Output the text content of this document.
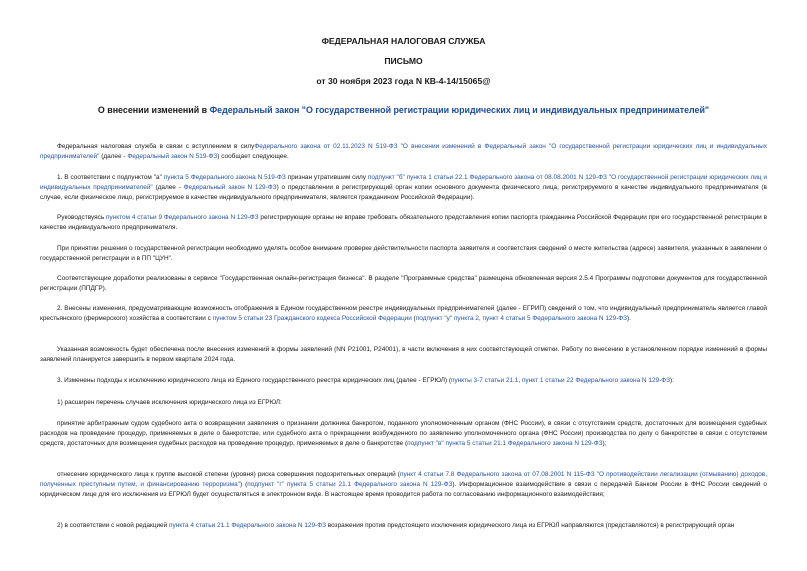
ФЕДЕРАЛЬНАЯ НАЛОГОВАЯ СЛУЖБА
ПИСЬМО
от 30 ноября 2023 года N КВ-4-14/15065@
О внесении изменений в Федеральный закон "О государственной регистрации юридических лиц и индивидуальных предпринимателей"

Федеральная налоговая служба в связи с вступлением в силуФедерального закона от 02.11.2023 N 519-ФЗ "О внесении изменений в Федеральный закон "О государственной регистрации юридических лиц и индивидуальных предпринимателей" (далее - Федеральный закон N 519-ФЗ) сообщает следующее.

1. В соответствии с подпунктом "а" пункта 5 Федерального закона N 519-ФЗ признан утратившим силу подпункт "б" пункта 1 статьи 22.1 Федерального закона от 08.08.2001 N 129-ФЗ "О государственной регистрации юридических лиц и индивидуальных предпринимателей" (далее - Федеральный закон N 129-ФЗ) о представлении в регистрирующий орган копии основного документа физического лица, регистрируемого в качестве индивидуального предпринимателя (в случае, если физическое лицо, регистрируемое в качестве индивидуального предпринимателя, является гражданином Российской Федерации).

Руководствуясь пунктом 4 статьи 9 Федерального закона N 129-ФЗ регистрирующие органы не вправе требовать обязательного представления копии паспорта гражданина Российской Федерации при его государственной регистрации в качестве индивидуального предпринимателя.

При принятии решения о государственной регистрации необходимо уделять особое внимание проверке действительности паспорта заявителя и соответствия сведений о месте жительства (адресе) заявителя, указанных в заявлении о государственной регистрации и в ПП "ЦУН".

Соответствующие доработки реализованы в сервисе "Государственная онлайн-регистрация бизнеса". В разделе "Программные средства" размещена обновленная версия 2.5.4 Программы подготовки документов для государственной регистрации (ППДГР).

2. Внесены изменения, предусматривающие возможность отображения в Едином государственном реестре индивидуальных предпринимателей (далее - ЕГРИП) сведений о том, что индивидуальный предприниматель является главой крестьянского (фермерского) хозяйства в соответствии с пунктом 5 статьи 23 Гражданского кодекса Российской Федерации (подпункт "у" пункта 2, пункт 4 статьи 5 Федерального закона N 129-ФЗ).

Указанная возможность будет обеспечена после внесения изменений в формы заявлений (NN Р21001, Р24001), в части включения в них соответствующей отметки. Работу по внесению в установленном порядке изменений в формы заявлений планируется завершить в первом квартале 2024 года.

3. Изменены подходы к исключению юридического лица из Единого государственного реестра юридических лиц (далее - ЕГРЮЛ) (пункты 3-7 статьи 21.1, пункт 1 статьи 22 Федерального закона N 129-ФЗ):

1) расширен перечень случаев исключения юридического лица из ЕГРЮЛ:

принятие арбитражным судом судебного акта о возвращении заявления о признании должника банкротом, поданного уполномоченным органом (ФНС России), в связи с отсутствием средств, достаточных для возмещения судебных расходов на проведение процедур, применяемых в деле о банкротстве, или судебного акта о прекращении возбужденного по заявлению уполномоченного органа (ФНС России) производства по делу о банкротстве в связи с отсутствием средств, достаточных для возмещения судебных расходов на проведение процедур, применяемых в деле о банкротстве (подпункт "в" пункта 5 статьи 21.1 Федерального закона N 129-ФЗ);

отнесение юридического лица к группе высокой степени (уровня) риска совершения подозрительных операций (пункт 4 статьи 7.8 Федерального закона от 07.08.2001 N 115-ФЗ "О противодействии легализации (отмыванию) доходов, полученных преступным путем, и финансированию терроризма") (подпункт "г" пункта 5 статьи 21.1 Федерального закона N 129-ФЗ). Информационное взаимодействие в связи с передачей Банком России в ФНС России сведений о юридическом лице для его исключения из ЕГРЮЛ будет осуществляться в электронном виде. В настоящее время проводится работа по согласованию информационного взаимодействия;

2) в соответствии с новой редакцией пункта 4 статьи 21.1 Федерального закона N 129-ФЗ возражения против предстоящего исключения юридического лица из ЕГРЮЛ направляются (представляются) в регистрирующий орган
